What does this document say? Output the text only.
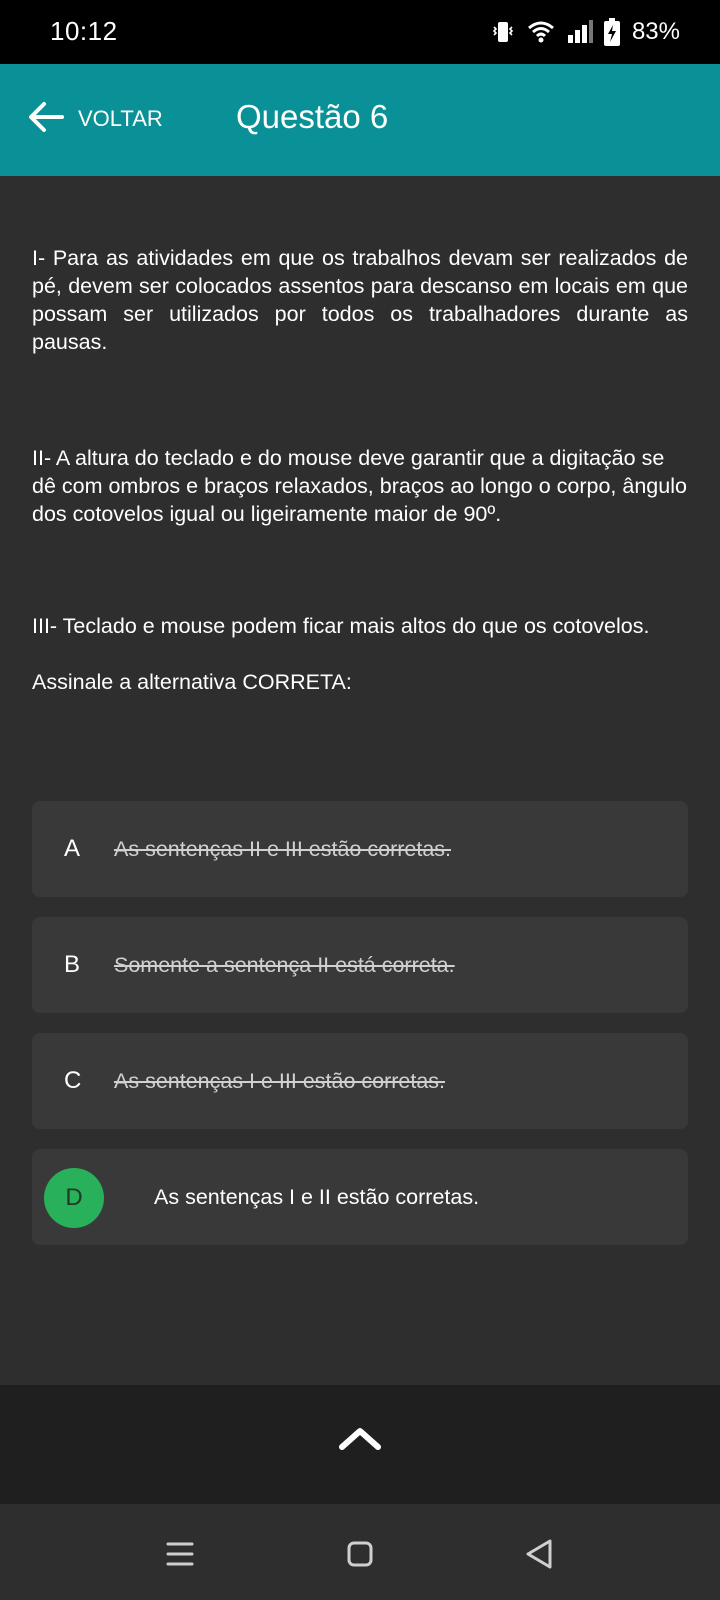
10:12	83%
VOLTAR Questão 6

I- Para as atividades em que os trabalhos devam ser realizados de pé, devem ser colocados assentos para descanso em locais em que possam ser utilizados por todos os trabalhadores durante as pausas.

II- A altura do teclado e do mouse deve garantir que a digitação se dê com ombros e braços relaxados, braços ao longo o corpo, ângulo dos cotovelos igual ou ligeiramente maior de 90º.

III- Teclado e mouse podem ficar mais altos do que os cotovelos.

Assinale a alternativa CORRETA:

A As sentenças II e III estão corretas.
B Somente a sentença II está correta.
C As sentenças I e III estão corretas.
D	As sentenças I e II estão corretas.
